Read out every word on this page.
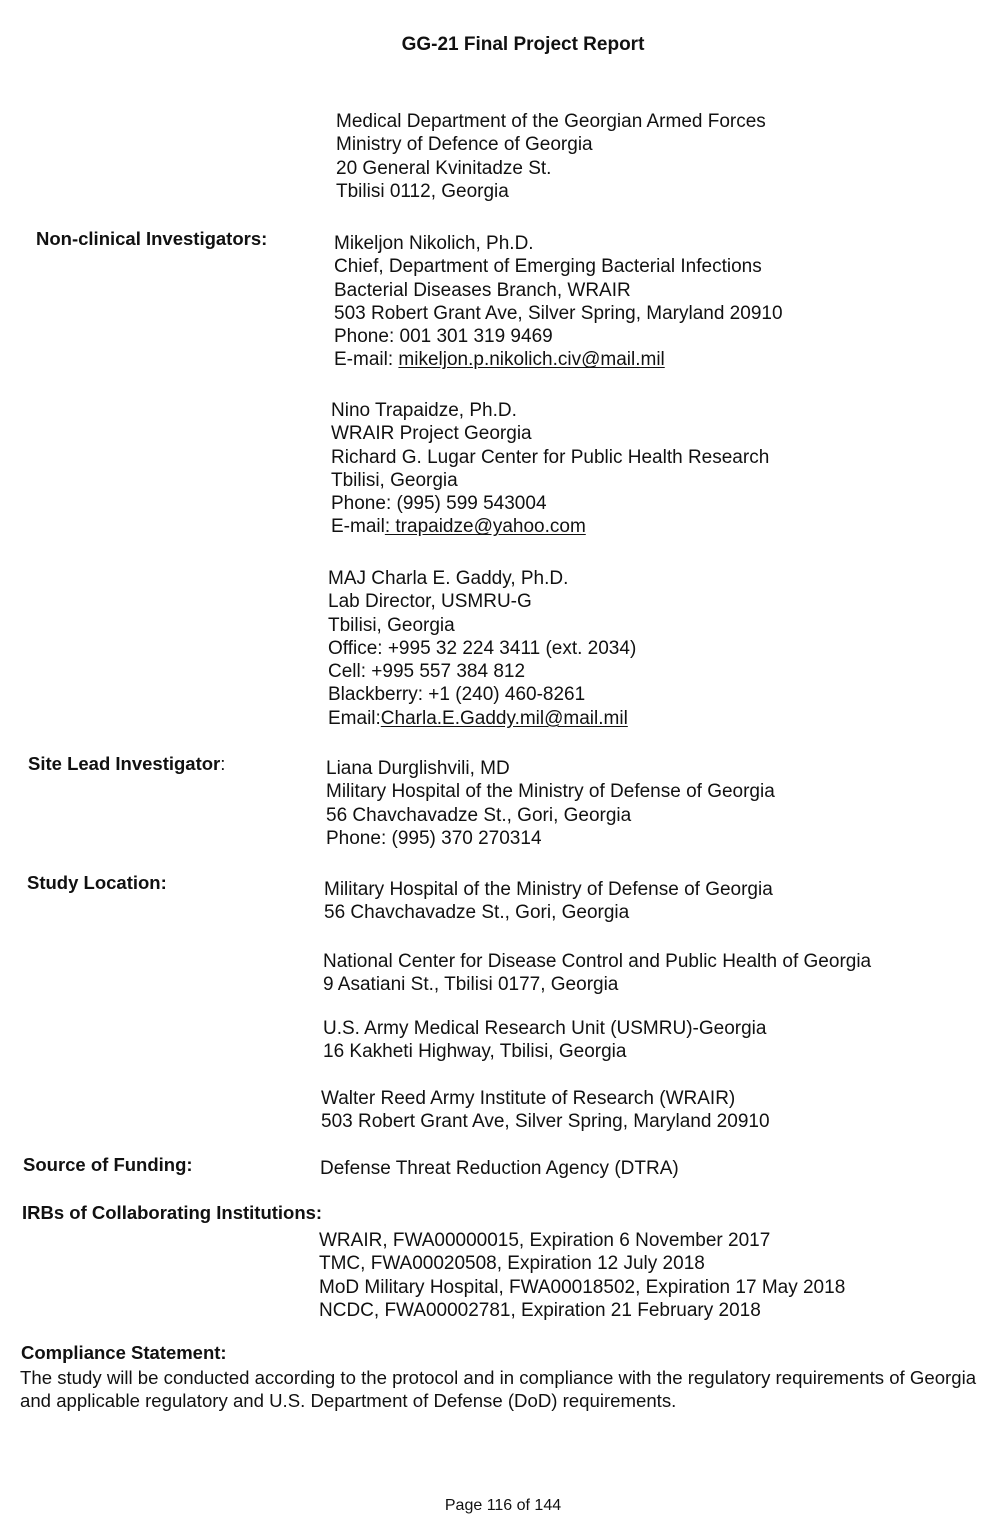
GG-21 Final Project Report
Medical Department of the Georgian Armed Forces
Ministry of Defence of Georgia
20 General Kvinitadze St.
Tbilisi 0112, Georgia
Non-clinical Investigators:	Mikeljon Nikolich, Ph.D.
Chief, Department of Emerging Bacterial Infections
Bacterial Diseases Branch, WRAIR
503 Robert Grant Ave, Silver Spring, Maryland 20910
Phone: 001 301 319 9469
E-mail: mikeljon.p.nikolich.civ@mail.mil
Nino Trapaidze, Ph.D.
WRAIR Project Georgia
Richard G. Lugar Center for Public Health Research
Tbilisi, Georgia
Phone: (995) 599 543004
E-mail: trapaidze@yahoo.com
MAJ Charla E. Gaddy, Ph.D.
Lab Director, USMRU-G
Tbilisi, Georgia
Office: +995 32 224 3411 (ext. 2034)
Cell: +995 557 384 812
Blackberry: +1 (240) 460-8261
Email:Charla.E.Gaddy.mil@mail.mil
Site Lead Investigator:	Liana Durglishvili, MD
Military Hospital of the Ministry of Defense of Georgia
56 Chavchavadze St., Gori, Georgia
Phone: (995) 370 270314
Study Location:	Military Hospital of the Ministry of Defense of Georgia
56 Chavchavadze St., Gori, Georgia
National Center for Disease Control and Public Health of Georgia
9 Asatiani St., Tbilisi 0177, Georgia
U.S. Army Medical Research Unit (USMRU)-Georgia
16 Kakheti Highway, Tbilisi, Georgia
Walter Reed Army Institute of Research (WRAIR)
503 Robert Grant Ave, Silver Spring, Maryland 20910
Source of Funding:	Defense Threat Reduction Agency (DTRA)
IRBs of Collaborating Institutions:
WRAIR, FWA00000015, Expiration 6 November 2017
TMC, FWA00020508, Expiration 12 July 2018
MoD Military Hospital, FWA00018502, Expiration 17 May 2018
NCDC, FWA00002781, Expiration 21 February 2018
Compliance Statement:
The study will be conducted according to the protocol and in compliance with the regulatory requirements of Georgia and applicable regulatory and U.S. Department of Defense (DoD) requirements.
Page 116 of 144
